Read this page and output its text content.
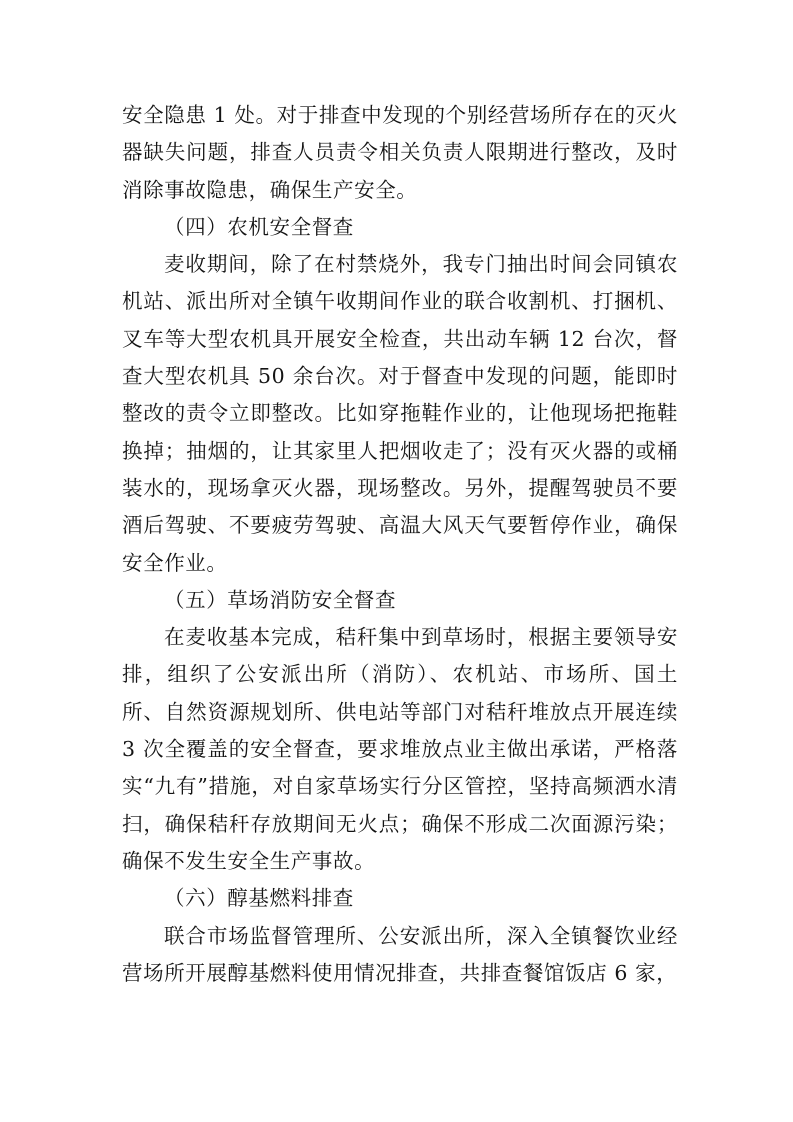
安全隐患 1 处。对于排查中发现的个别经营场所存在的灭火器缺失问题，排查人员责令相关负责人限期进行整改，及时消除事故隐患，确保生产安全。

（四）农机安全督查

麦收期间，除了在村禁烧外，我专门抽出时间会同镇农机站、派出所对全镇午收期间作业的联合收割机、打捆机、叉车等大型农机具开展安全检查，共出动车辆 12 台次，督查大型农机具 50 余台次。对于督查中发现的问题，能即时整改的责令立即整改。比如穿拖鞋作业的，让他现场把拖鞋换掉；抽烟的，让其家里人把烟收走了；没有灭火器的或桶装水的，现场拿灭火器，现场整改。另外，提醒驾驶员不要酒后驾驶、不要疲劳驾驶、高温大风天气要暂停作业，确保安全作业。

（五）草场消防安全督查

在麦收基本完成，秸秆集中到草场时，根据主要领导安排，组织了公安派出所（消防）、农机站、市场所、国土所、自然资源规划所、供电站等部门对秸秆堆放点开展连续 3 次全覆盖的安全督查，要求堆放点业主做出承诺，严格落实“九有”措施，对自家草场实行分区管控，坚持高频洒水清扫，确保秸秆存放期间无火点；确保不形成二次面源污染；确保不发生安全生产事故。

（六）醇基燃料排查

联合市场监督管理所、公安派出所，深入全镇餐饮业经营场所开展醇基燃料使用情况排查，共排查餐馆饭店 6 家，
